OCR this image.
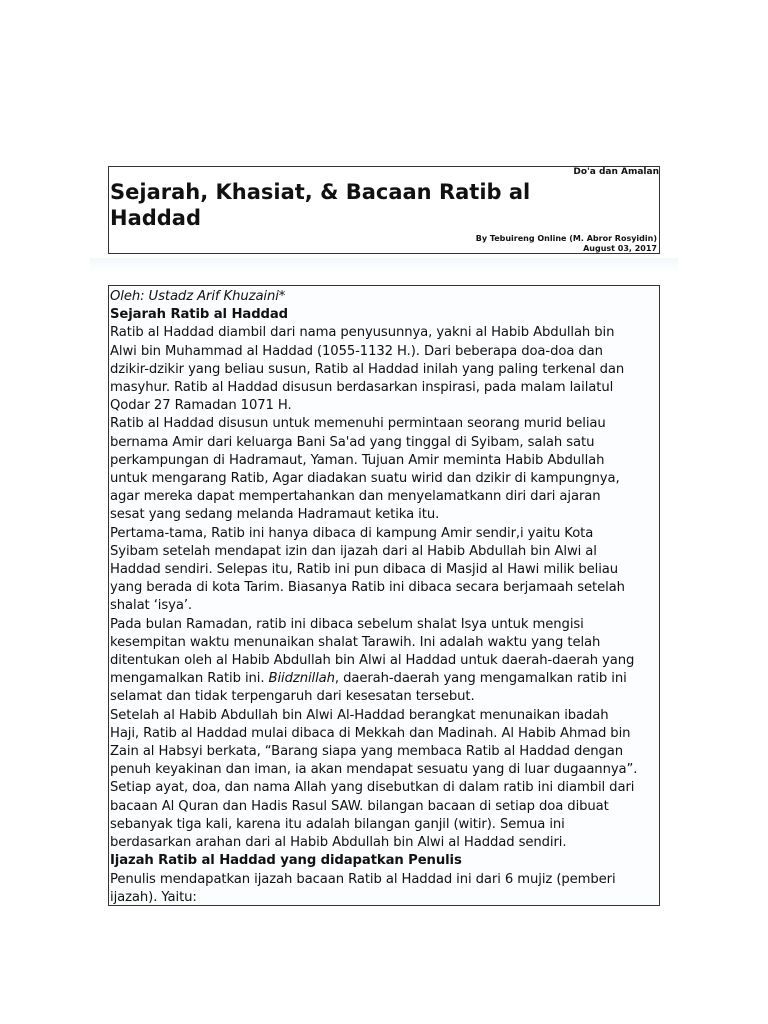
Do'a dan Amalan
Sejarah, Khasiat, & Bacaan Ratib al
Haddad
By Tebuireng Online (M. Abror Rosyidin)
August 03, 2017
Oleh: Ustadz Arif Khuzaini*
Sejarah Ratib al Haddad
Ratib al Haddad diambil dari nama penyusunnya, yakni al Habib Abdullah bin
Alwi bin Muhammad al Haddad (1055-1132 H.). Dari beberapa doa-doa dan
dzikir-dzikir yang beliau susun, Ratib al Haddad inilah yang paling terkenal dan
masyhur. Ratib al Haddad disusun berdasarkan inspirasi, pada malam lailatul
Qodar 27 Ramadan 1071 H.
Ratib al Haddad disusun untuk memenuhi permintaan seorang murid beliau
bernama Amir dari keluarga Bani Sa'ad yang tinggal di Syibam, salah satu
perkampungan di Hadramaut, Yaman. Tujuan Amir meminta Habib Abdullah
untuk mengarang Ratib, Agar diadakan suatu wirid dan dzikir di kampungnya,
agar mereka dapat mempertahankan dan menyelamatkann diri dari ajaran
sesat yang sedang melanda Hadramaut ketika itu.
Pertama-tama, Ratib ini hanya dibaca di kampung Amir sendir,i yaitu Kota
Syibam setelah mendapat izin dan ijazah dari al Habib Abdullah bin Alwi al
Haddad sendiri. Selepas itu, Ratib ini pun dibaca di Masjid al Hawi milik beliau
yang berada di kota Tarim. Biasanya Ratib ini dibaca secara berjamaah setelah
shalat ‘isya’.
Pada bulan Ramadan, ratib ini dibaca sebelum shalat Isya untuk mengisi
kesempitan waktu menunaikan shalat Tarawih. Ini adalah waktu yang telah
ditentukan oleh al Habib Abdullah bin Alwi al Haddad untuk daerah-daerah yang
mengamalkan Ratib ini. Biidznillah, daerah-daerah yang mengamalkan ratib ini
selamat dan tidak terpengaruh dari kesesatan tersebut.
Setelah al Habib Abdullah bin Alwi Al-Haddad berangkat menunaikan ibadah
Haji, Ratib al Haddad mulai dibaca di Mekkah dan Madinah. Al Habib Ahmad bin
Zain al Habsyi berkata, “Barang siapa yang membaca Ratib al Haddad dengan
penuh keyakinan dan iman, ia akan mendapat sesuatu yang di luar dugaannya”.
Setiap ayat, doa, dan nama Allah yang disebutkan di dalam ratib ini diambil dari
bacaan Al Quran dan Hadis Rasul SAW. bilangan bacaan di setiap doa dibuat
sebanyak tiga kali, karena itu adalah bilangan ganjil (witir). Semua ini
berdasarkan arahan dari al Habib Abdullah bin Alwi al Haddad sendiri.
Ijazah Ratib al Haddad yang didapatkan Penulis
Penulis mendapatkan ijazah bacaan Ratib al Haddad ini dari 6 mujiz (pemberi
ijazah). Yaitu:
